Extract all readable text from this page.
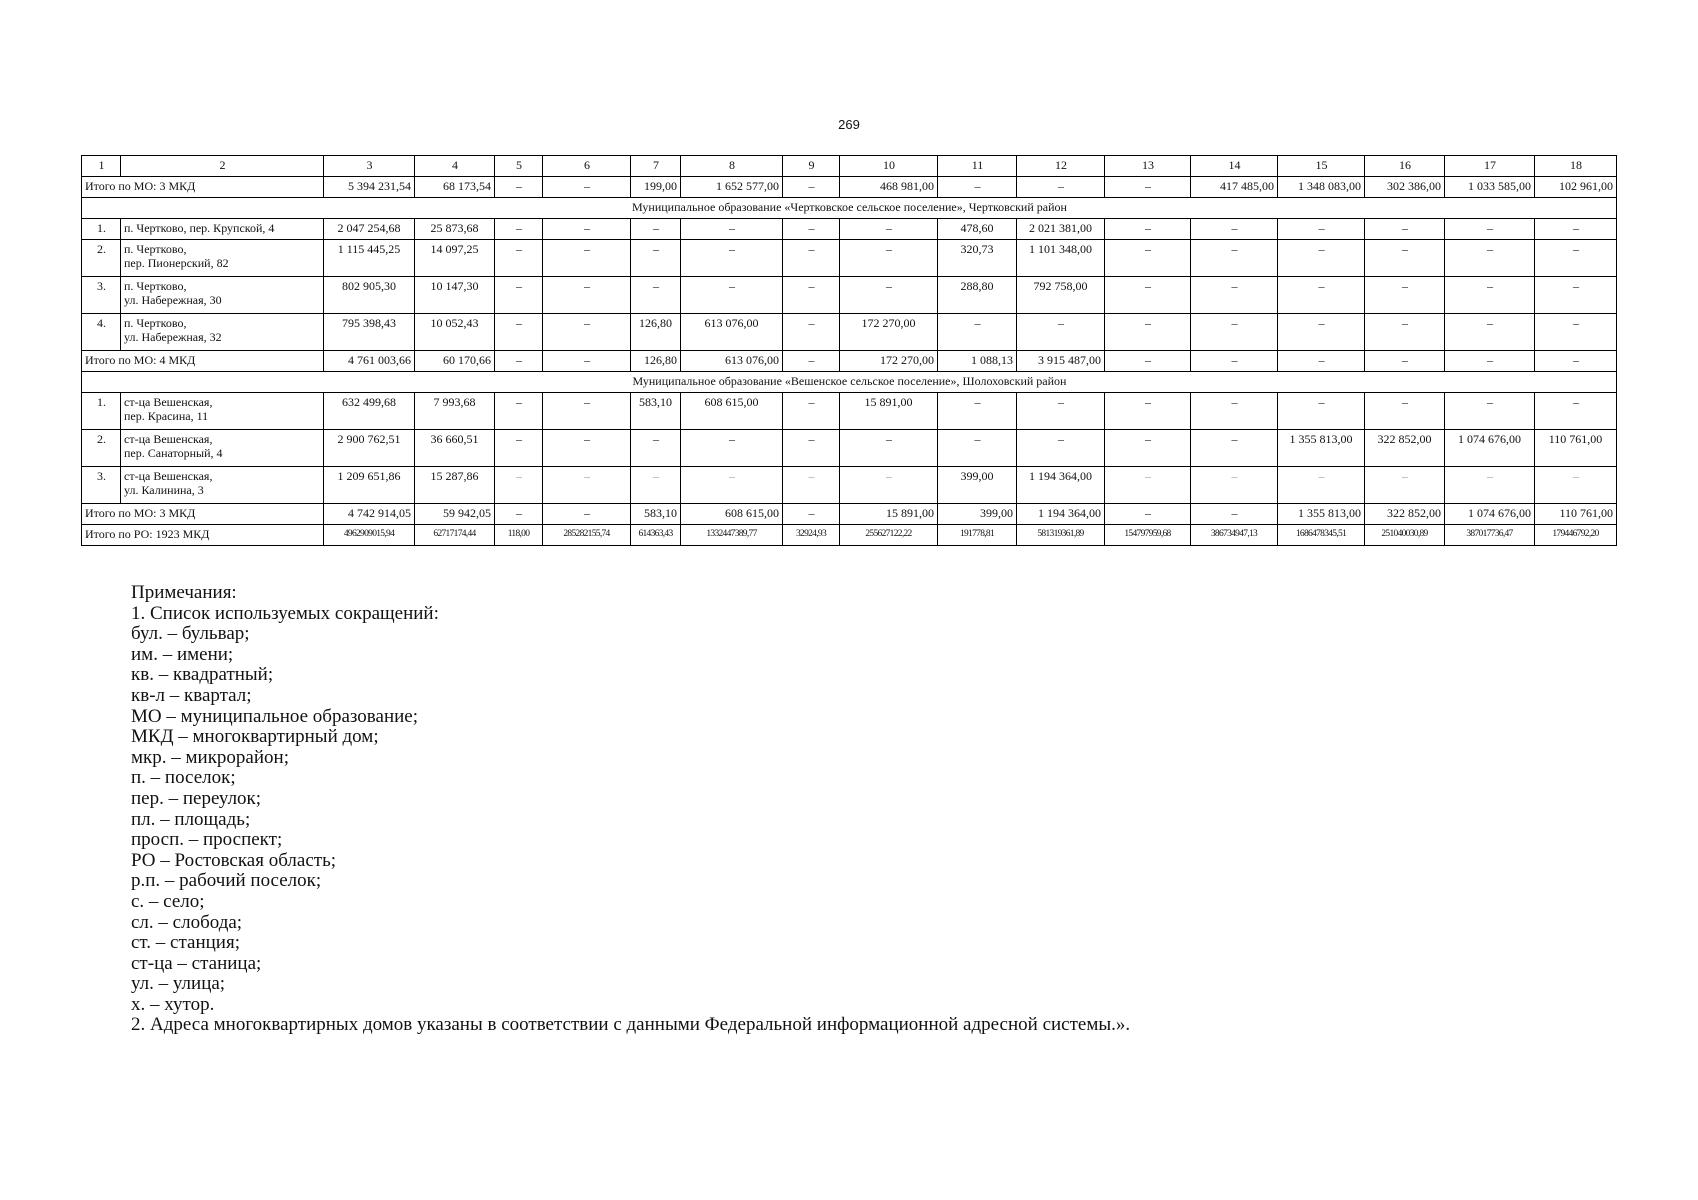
269
1	2	3	4	5	6	7	8	9	10	11	12	13	14	15	16	17	18
Итого по МО: 3 МКД		5 394 231,54	68 173,54	–	–	199,00	1 652 577,00	–	468 981,00	–	–	–	417 485,00	1 348 083,00	302 386,00	1 033 585,00	102 961,00
Муниципальное образование «Чертковское сельское поселение», Чертковский район																	
1.	п. Чертково, пер. Крупской, 4	2 047 254,68	25 873,68	–	–	–	–	–	–	478,60	2 021 381,00	–	–	–	–	–	–
2.	п. Чертково,
пер. Пионерский, 82	1 115 445,25	14 097,25	–	–	–	–	–	–	320,73	1 101 348,00	–	–	–	–	–	–
3.	п. Чертково,
ул. Набережная, 30	802 905,30	10 147,30	–	–	–	–	–	–	288,80	792 758,00	–	–	–	–	–	–
4.	п. Чертково,
ул. Набережная, 32	795 398,43	10 052,43	–	–	126,80	613 076,00	–	172 270,00	–	–	–	–	–	–	–	–
Итого по МО: 4 МКД		4 761 003,66	60 170,66	–	–	126,80	613 076,00	–	172 270,00	1 088,13	3 915 487,00	–	–	–	–	–	–
Муниципальное образование «Вешенское сельское поселение», Шолоховский район																	
1.	ст-ца Вешенская,
пер. Красина, 11	632 499,68	7 993,68	–	–	583,10	608 615,00	–	15 891,00	–	–	–	–	–	–	–	–
2.	ст-ца Вешенская,
пер. Санаторный, 4	2 900 762,51	36 660,51	–	–	–	–	–	–	–	–	–	–	1 355 813,00	322 852,00	1 074 676,00	110 761,00
3.	ст-ца Вешенская,
ул. Калинина, 3	1 209 651,86	15 287,86	–	–	–	–	–	–	399,00	1 194 364,00	–	–	–	–	–	–
Итого по МО: 3 МКД		4 742 914,05	59 942,05	–	–	583,10	608 615,00	–	15 891,00	399,00	1 194 364,00	–	–	1 355 813,00	322 852,00	1 074 676,00	110 761,00
Итого по РО: 1923 МКД		4962909015,94	62717174,44	118,00	285282155,74	614363,43	1332447389,77	32924,93	255627122,22	191778,81	581319361,89	154797959,68	386734947,13	1686478345,51	251040030,89	387017736,47	179446792,20
Примечания:
1. Список используемых сокращений:
бул. – бульвар;
им. – имени;
кв. – квадратный;
кв-л – квартал;
МО – муниципальное образование;
МКД – многоквартирный дом;
мкр. – микрорайон;
п. – поселок;
пер. – переулок;
пл. – площадь;
просп. – проспект;
РО – Ростовская область;
р.п. – рабочий поселок;
с. – село;
сл. – слобода;
ст. – станция;
ст-ца – станица;
ул. – улица;
х. – хутор.
2. Адреса многоквартирных домов указаны в соответствии с данными Федеральной информационной адресной системы.».
